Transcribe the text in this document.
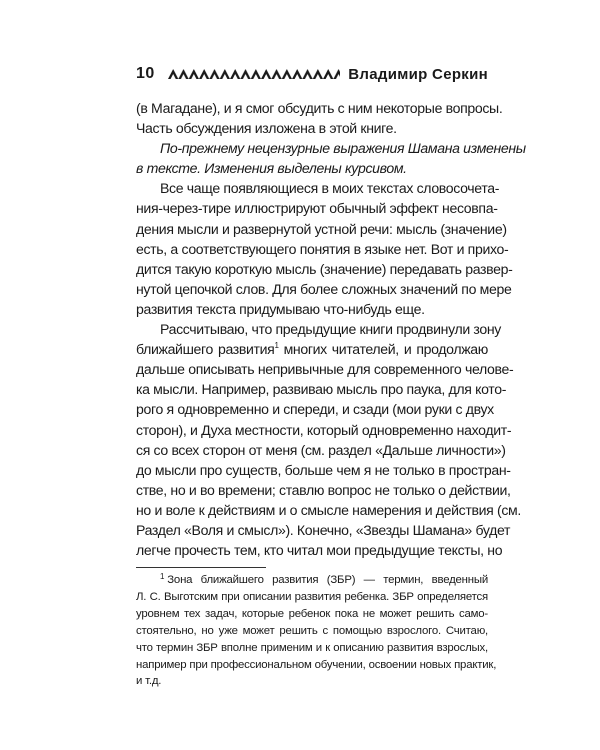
10	Владимир Серкин
(в Магадане), и я смог обсудить с ним некоторые вопросы.
Часть обсуждения изложена в этой книге.
По-прежнему нецензурные выражения Шамана изменены
в тексте. Изменения выделены курсивом.
Все чаще появляющиеся в моих текстах словосочета-
ния-через-тире иллюстрируют обычный эффект несовпа-
дения мысли и развернутой устной речи: мысль (значение)
есть, а соответствующего понятия в языке нет. Вот и прихо-
дится такую короткую мысль (значение) передавать развер-
нутой цепочкой слов. Для более сложных значений по мере
развития текста придумываю что-нибудь еще.
Рассчитываю, что предыдущие книги продвинули зону
ближайшего развития$^1$ многих читателей, и продолжаю
дальше описывать непривычные для современного челове-
ка мысли. Например, развиваю мысль про паука, для кото-
рого я одновременно и спереди, и сзади (мои руки с двух
сторон), и Духа местности, который одновременно находит-
ся со всех сторон от меня (см. раздел «Дальше личности»)
до мысли про существ, больше чем я не только в простран-
стве, но и во времени; ставлю вопрос не только о действии,
но и воле к действиям и о смысле намерения и действия (см.
Раздел «Воля и смысл»). Конечно, «Звезды Шамана» будет
легче прочесть тем, кто читал мои предыдущие тексты, но
$^1$ Зона ближайшего развития (ЗБР) — термин, введенный
Л. С. Выготским при описании развития ребенка. ЗБР определяется
уровнем тех задач, которые ребенок пока не может решить само-
стоятельно, но уже может решить с помощью взрослого. Считаю,
что термин ЗБР вполне применим и к описанию развития взрослых,
например при профессиональном обучении, освоении новых практик,
и т.д.
